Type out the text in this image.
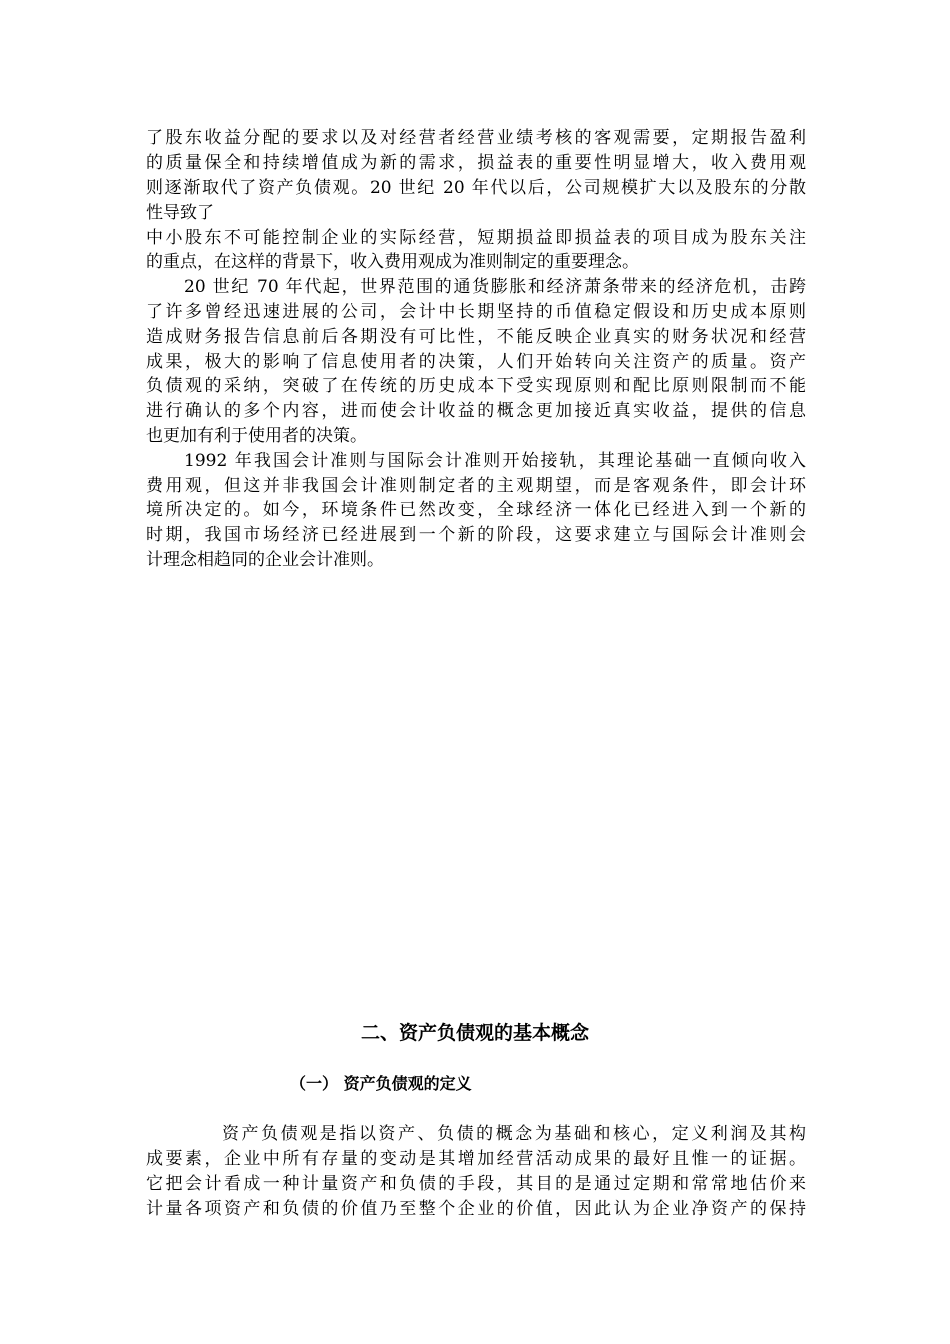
了股东收益分配的要求以及对经营者经营业绩考核的客观需要，定期报告盈利
的质量保全和持续增值成为新的需求，损益表的重要性明显增大，收入费用观
则逐渐取代了资产负债观。20 世纪 20 年代以后，公司规模扩大以及股东的分散
性导致了
中小股东不可能控制企业的实际经营，短期损益即损益表的项目成为股东关注
的重点，在这样的背景下，收入费用观成为准则制定的重要理念。
20 世纪 70 年代起，世界范围的通货膨胀和经济萧条带来的经济危机，击跨
了许多曾经迅速进展的公司，会计中长期坚持的币值稳定假设和历史成本原则
造成财务报告信息前后各期没有可比性，不能反映企业真实的财务状况和经营
成果，极大的影响了信息使用者的决策，人们开始转向关注资产的质量。资产
负债观的采纳，突破了在传统的历史成本下受实现原则和配比原则限制而不能
进行确认的多个内容，进而使会计收益的概念更加接近真实收益，提供的信息
也更加有利于使用者的决策。
1992 年我国会计准则与国际会计准则开始接轨，其理论基础一直倾向收入
费用观，但这并非我国会计准则制定者的主观期望，而是客观条件，即会计环
境所决定的。如今，环境条件已然改变，全球经济一体化已经进入到一个新的
时期，我国市场经济已经进展到一个新的阶段，这要求建立与国际会计准则会
计理念相趋同的企业会计准则。
二、资产负债观的基本概念
（一） 资产负债观的定义
资产负债观是指以资产、负债的概念为基础和核心，定义利润及其构
成要素，企业中所有存量的变动是其增加经营活动成果的最好且惟一的证据。
它把会计看成一种计量资产和负债的手段，其目的是通过定期和常常地估价来
计量各项资产和负债的价值乃至整个企业的价值，因此认为企业净资产的保持
